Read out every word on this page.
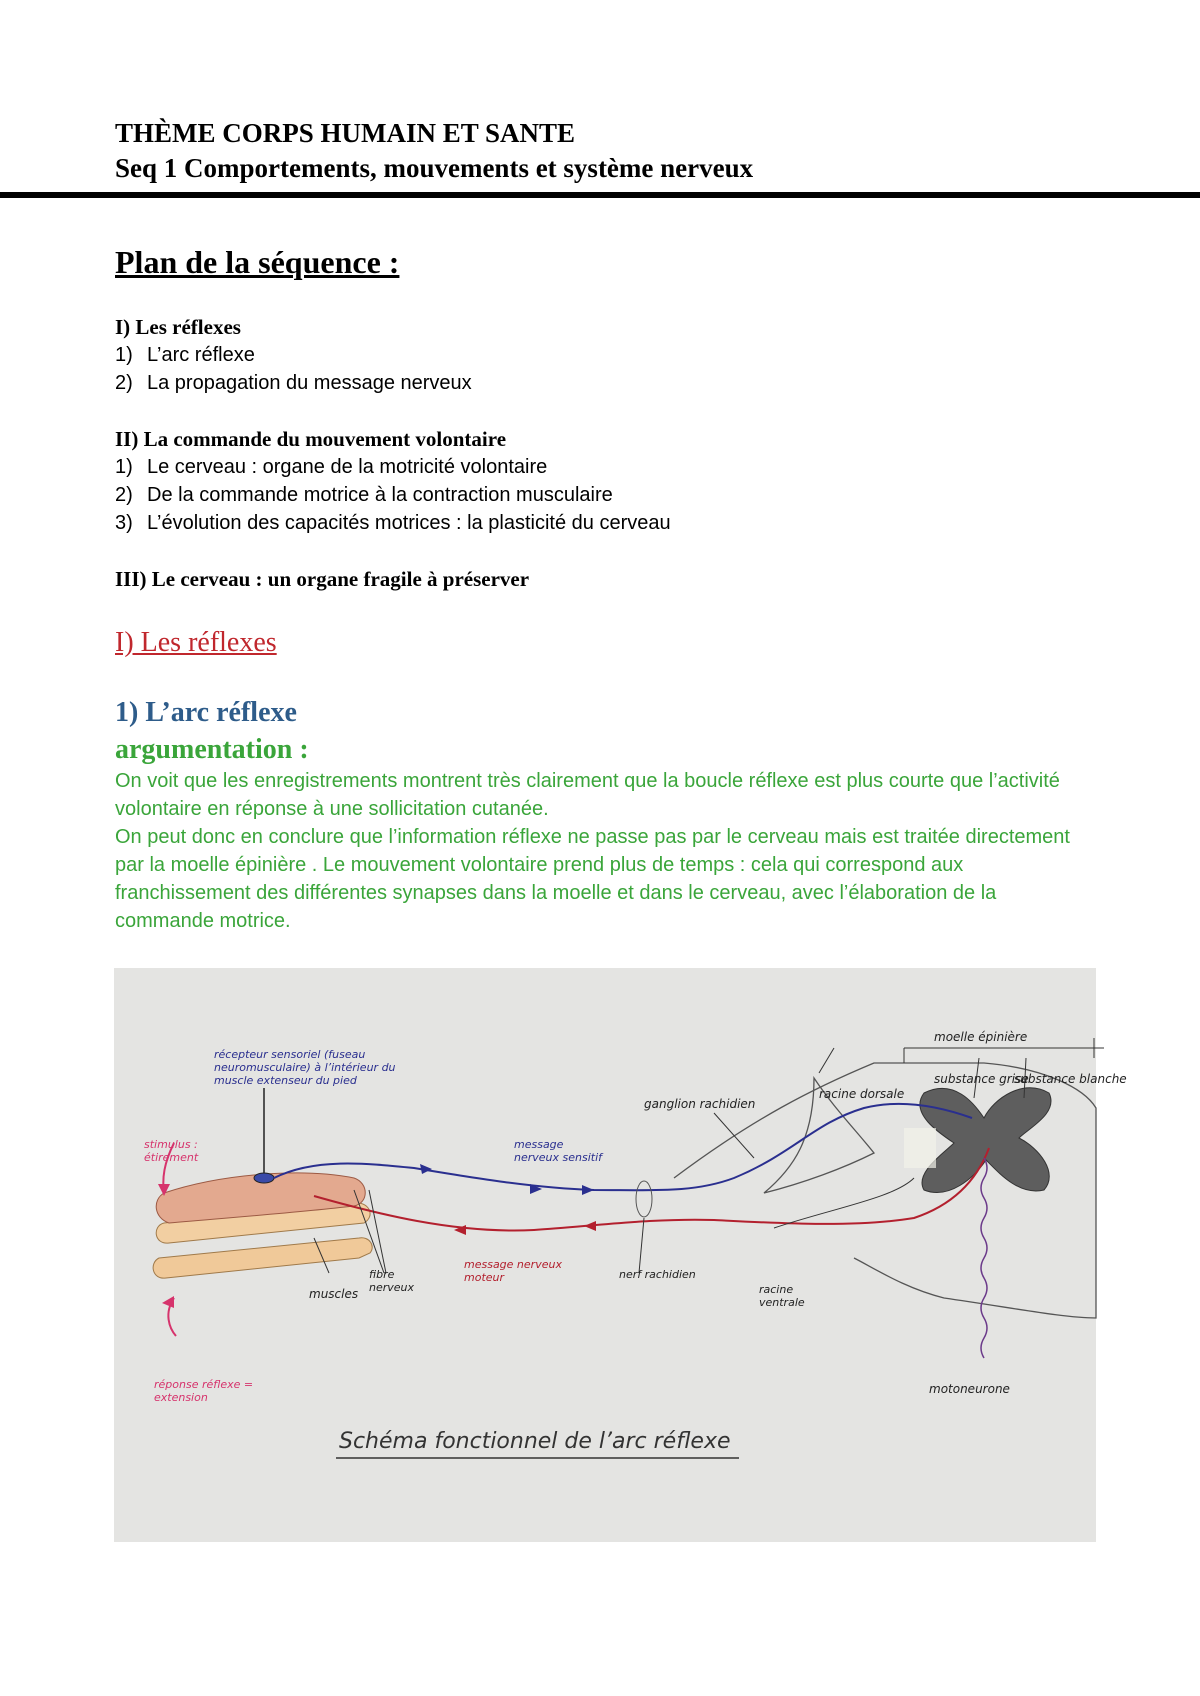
THÈME CORPS HUMAIN ET SANTE
Seq 1 Comportements, mouvements et système nerveux
Plan de la séquence :
I) Les réflexes
1) L’arc réflexe
2) La propagation du message nerveux
II) La commande du mouvement volontaire
1) Le cerveau : organe de la motricité volontaire
2) De la commande motrice à la contraction musculaire
3) L’évolution des capacités motrices : la plasticité du cerveau
III) Le cerveau : un organe fragile à préserver
I) Les réflexes
1) L’arc réflexe
argumentation :

On voit que les enregistrements montrent très clairement que la boucle réflexe est plus courte que l’activité volontaire en réponse à une sollicitation cutanée.

On peut donc en conclure que l’information réflexe ne passe pas par le cerveau mais est traitée directement par la moelle épinière . Le mouvement volontaire prend plus de temps : cela qui correspond aux franchissement des différentes synapses dans la moelle et dans le cerveau, avec l’élaboration de la commande motrice.

moelle épinière
substance grise
substance blanche
racine dorsale
ganglion rachidien
récepteur sensoriel (fuseau neuromusculaire) à l’intérieur du muscle extenseur du pied
stimulus : étirement
message nerveux sensitif
message nerveux moteur
fibre nerveux
muscles
nerf rachidien
racine ventrale
motoneurone
réponse réflexe = extension
Schéma fonctionnel de l’arc réflexe
